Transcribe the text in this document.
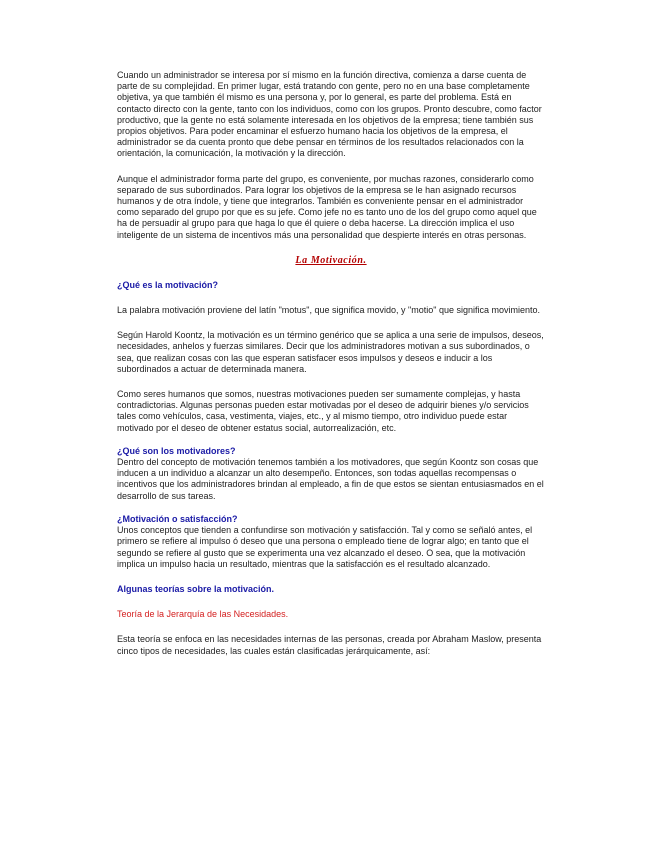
Cuando un administrador se interesa por sí mismo en la función directiva, comienza a darse cuenta de parte de su complejidad. En primer lugar, está tratando con gente, pero no en una base completamente objetiva, ya que también él mismo es una persona y, por lo general, es parte del problema. Está en contacto directo con la gente, tanto con los individuos, como con los grupos. Pronto descubre, como factor productivo, que la gente no está solamente interesada en los objetivos de la empresa; tiene también sus propios objetivos. Para poder encaminar el esfuerzo humano hacia los objetivos de la empresa, el administrador se da cuenta pronto que debe pensar en términos de los resultados relacionados con la orientación, la comunicación, la motivación y la dirección.

Aunque el administrador forma parte del grupo, es conveniente, por muchas razones, considerarlo como separado de sus subordinados. Para lograr los objetivos de la empresa se le han asignado recursos humanos y de otra índole, y tiene que integrarlos. También es conveniente pensar en el administrador como separado del grupo por que es su jefe. Como jefe no es tanto uno de los del grupo como aquel que ha de persuadir al grupo para que haga lo que él quiere o deba hacerse. La dirección implica el uso inteligente de un sistema de incentivos más una personalidad que despierte interés en otras personas.

La Motivación.
¿Qué es la motivación?

La palabra motivación proviene del latín "motus", que significa movido, y "motio" que significa movimiento.

Según Harold Koontz, la motivación es un término genérico que se aplica a una serie de impulsos, deseos, necesidades, anhelos y fuerzas similares. Decir que los administradores motivan a sus subordinados, o sea, que realizan cosas con las que esperan satisfacer esos impulsos y deseos e inducir a los subordinados a actuar de determinada manera.

Como seres humanos que somos, nuestras motivaciones pueden ser sumamente complejas, y hasta contradictorias. Algunas personas pueden estar motivadas por el deseo de adquirir bienes y/o servicios tales como vehículos, casa, vestimenta, viajes, etc., y al mismo tiempo, otro individuo puede estar motivado por el deseo de obtener estatus social, autorrealización, etc.

¿Qué son los motivadores?

Dentro del concepto de motivación tenemos también a los motivadores, que según Koontz son cosas que inducen a un individuo a alcanzar un alto desempeño. Entonces, son todas aquellas recompensas o incentivos que los administradores brindan al empleado, a fin de que estos se sientan entusiasmados en el desarrollo de sus tareas.

¿Motivación o satisfacción?

Unos conceptos que tienden a confundirse son motivación y satisfacción. Tal y como se señaló antes, el primero se refiere al impulso ó deseo que una persona o empleado tiene de lograr algo; en tanto que el segundo se refiere al gusto que se experimenta una vez alcanzado el deseo. O sea, que la motivación implica un impulso hacia un resultado, mientras que la satisfacción es el resultado alcanzado.

Algunas teorías sobre la motivación.
Teoría de la Jerarquía de las Necesidades.

Esta teoría se enfoca en las necesidades internas de las personas, creada por Abraham Maslow, presenta cinco tipos de necesidades, las cuales están clasificadas jerárquicamente, así:
